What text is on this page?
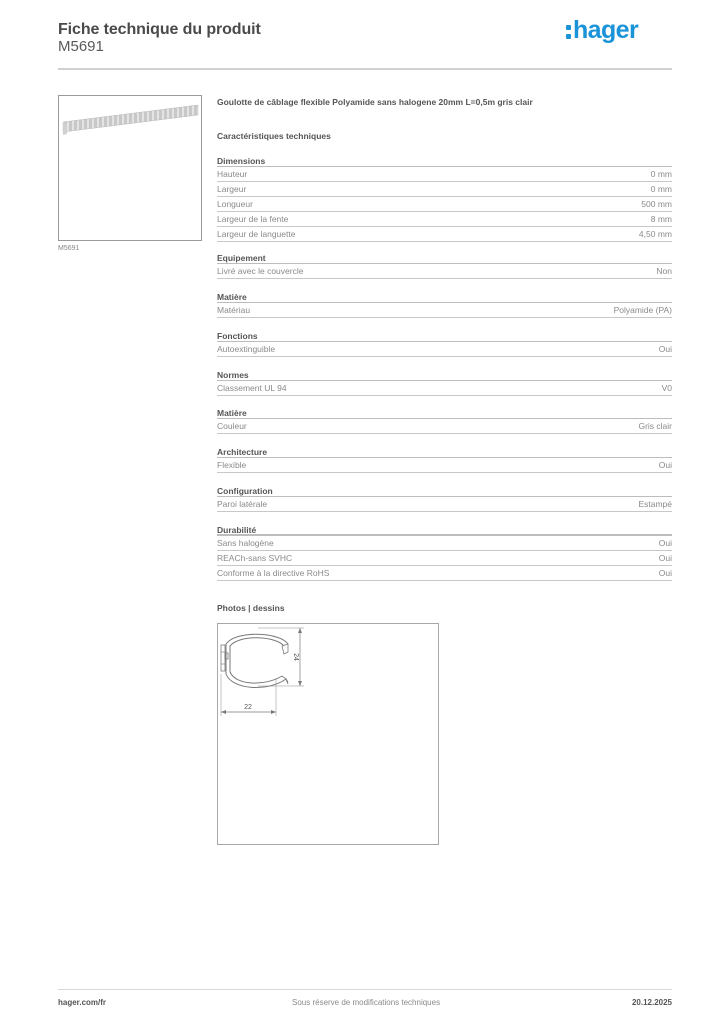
Fiche technique du produit
M5691
hager
M5691
Goulotte de câblage flexible Polyamide sans halogene 20mm L=0,5m gris clair
Caractéristiques techniques
Dimensions
Hauteur	0 mm
Largeur	0 mm
Longueur	500 mm
Largeur de la fente	8 mm
Largeur de languette	4,50 mm
Equipement
Livré avec le couvercle	Non
Matière
Matériau	Polyamide (PA)
Fonctions
Autoextinguible	Oui
Normes
Classement UL 94	V0
Matière
Couleur	Gris clair
Architecture
Flexible	Oui
Configuration
Paroi latérale	Estampé
Durabilité
Sans halogène	Oui
REACh-sans SVHC	Oui
Conforme à la directive RoHS	Oui
Photos | dessins
24
22
hager.com/fr	Sous réserve de modifications techniques	20.12.2025
